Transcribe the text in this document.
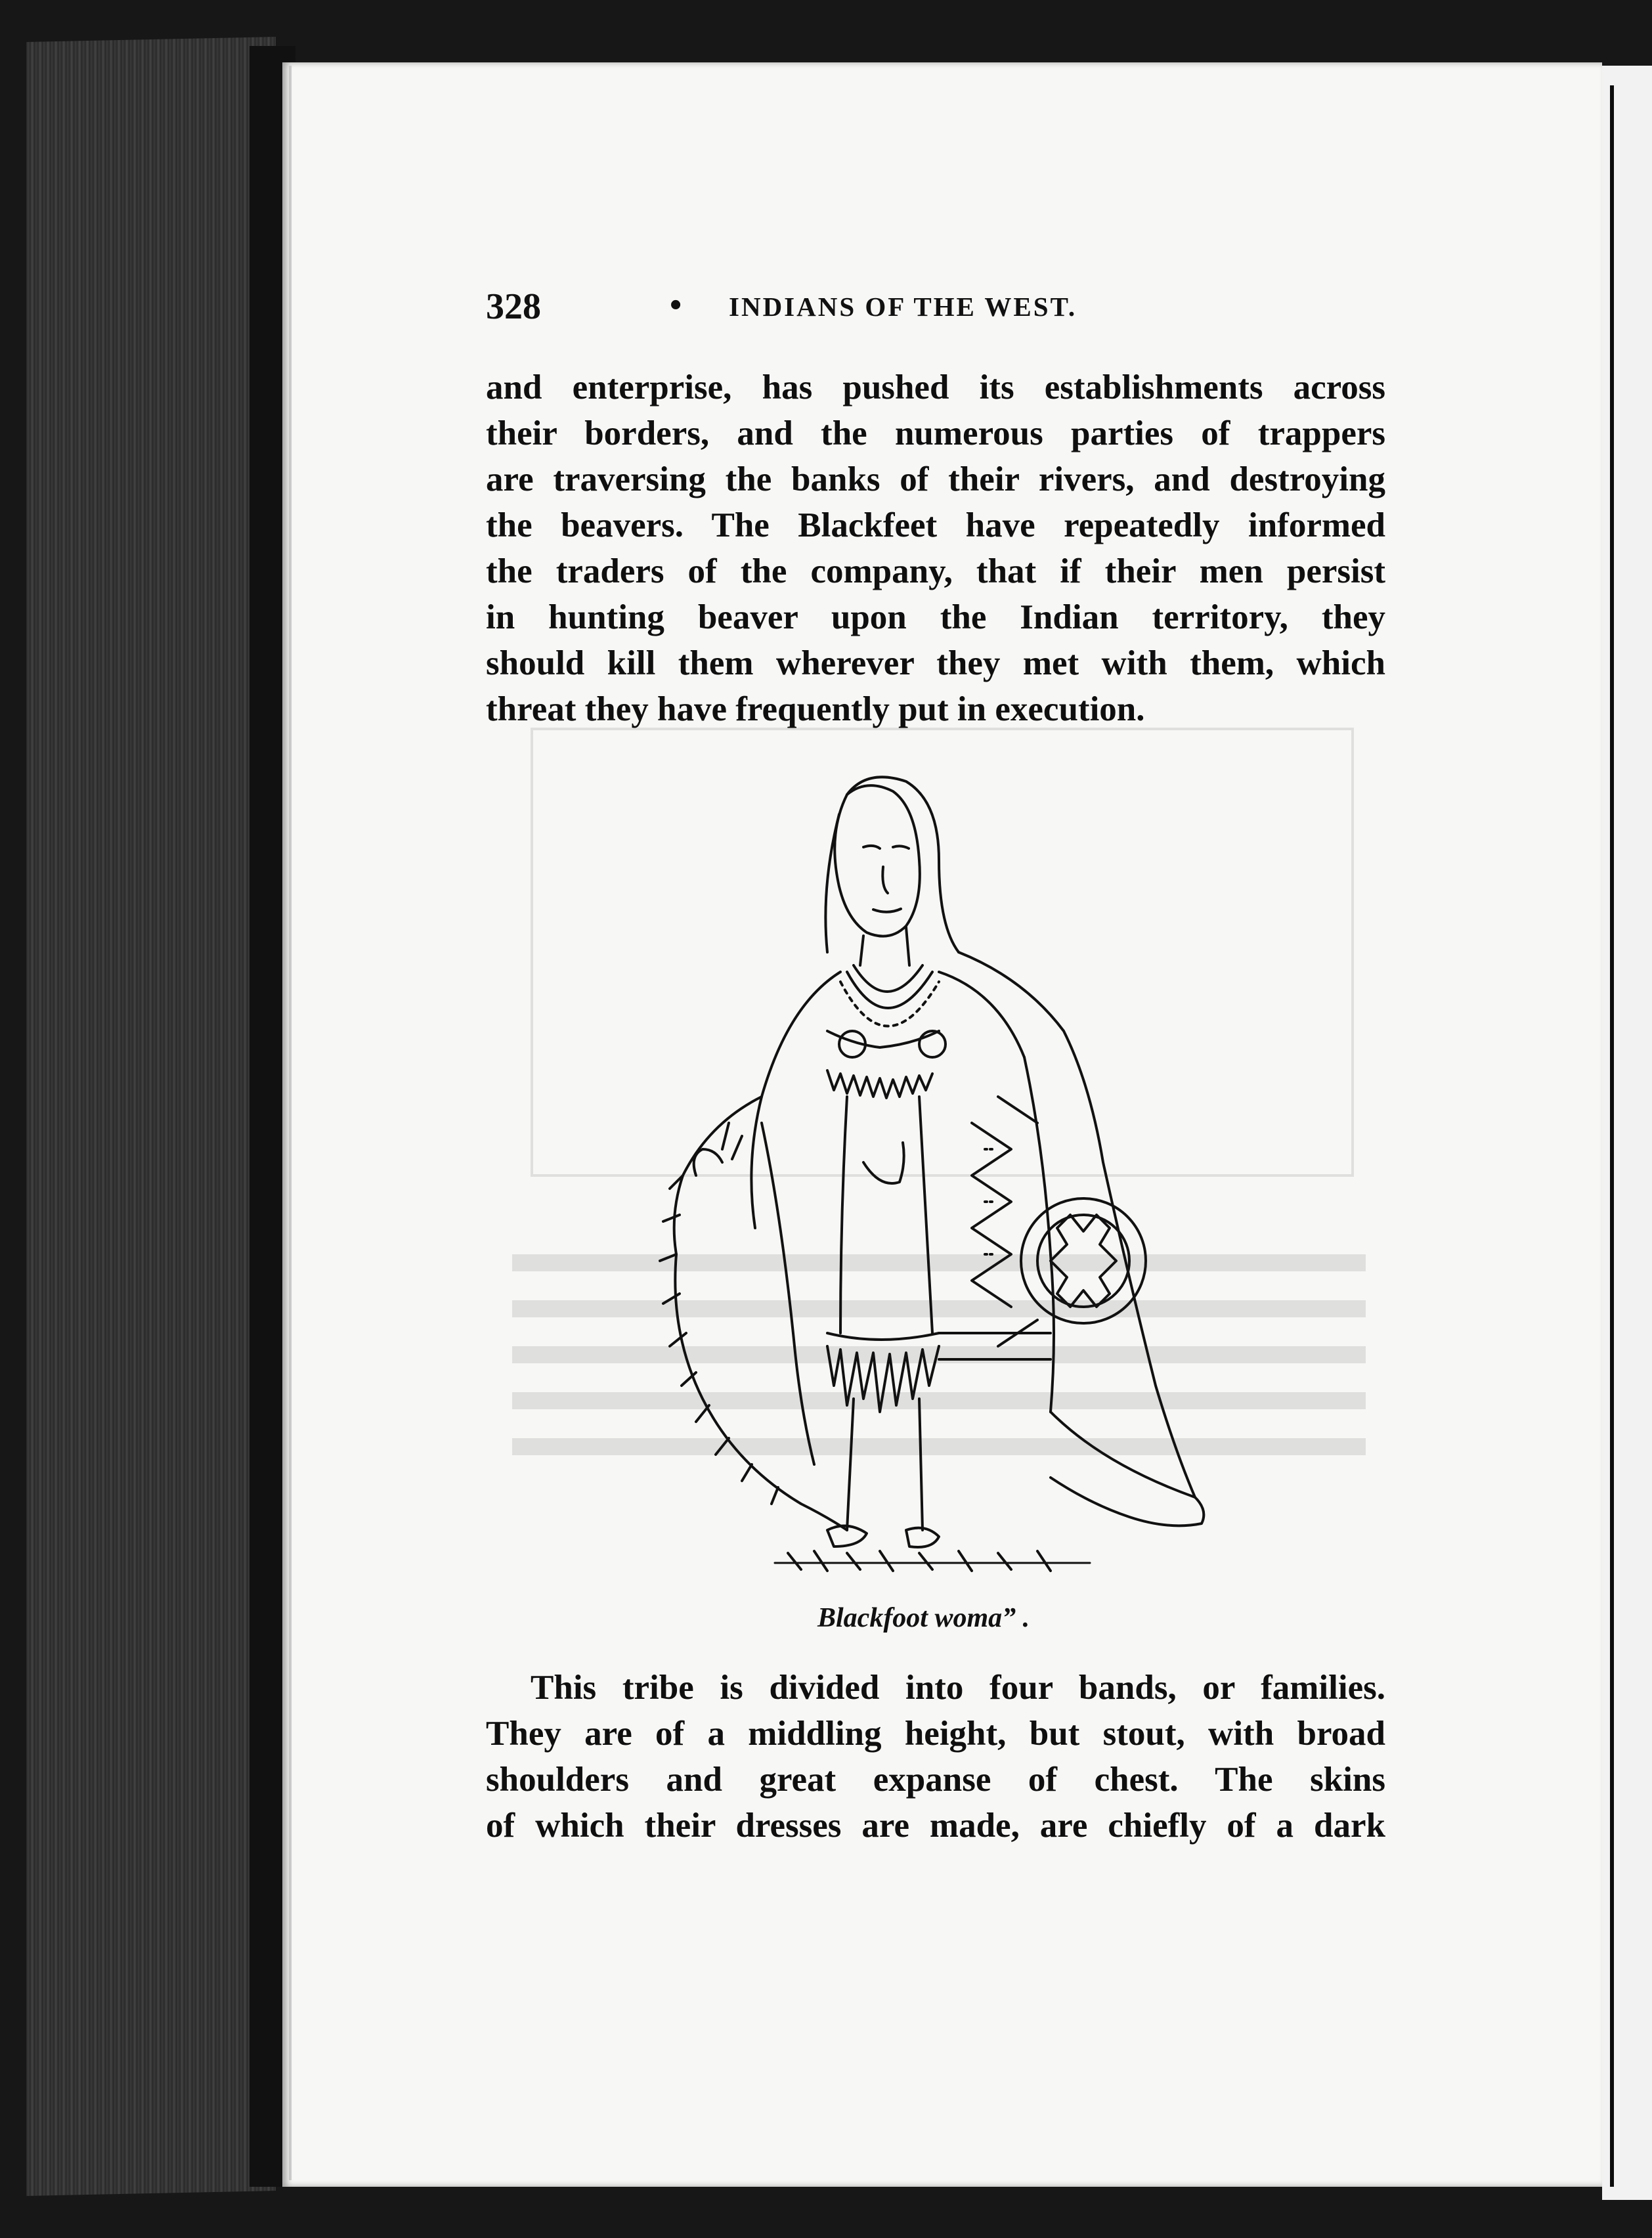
328	• INDIANS OF THE WEST.
and enterprise, has pushed its establishments across
their borders, and the numerous parties of trappers
are traversing the banks of their rivers, and destroying
the beavers. The Blackfeet have repeatedly informed
the traders of the company, that if their men persist
in hunting beaver upon the Indian territory, they
should kill them wherever they met with them, which
threat they have frequently put in execution.
Blackfoot woma” .
This tribe is divided into four bands, or families.
They are of a middling height, but stout, with broad
shoulders and great expanse of chest. The skins
of which their dresses are made, are chiefly of a dark
